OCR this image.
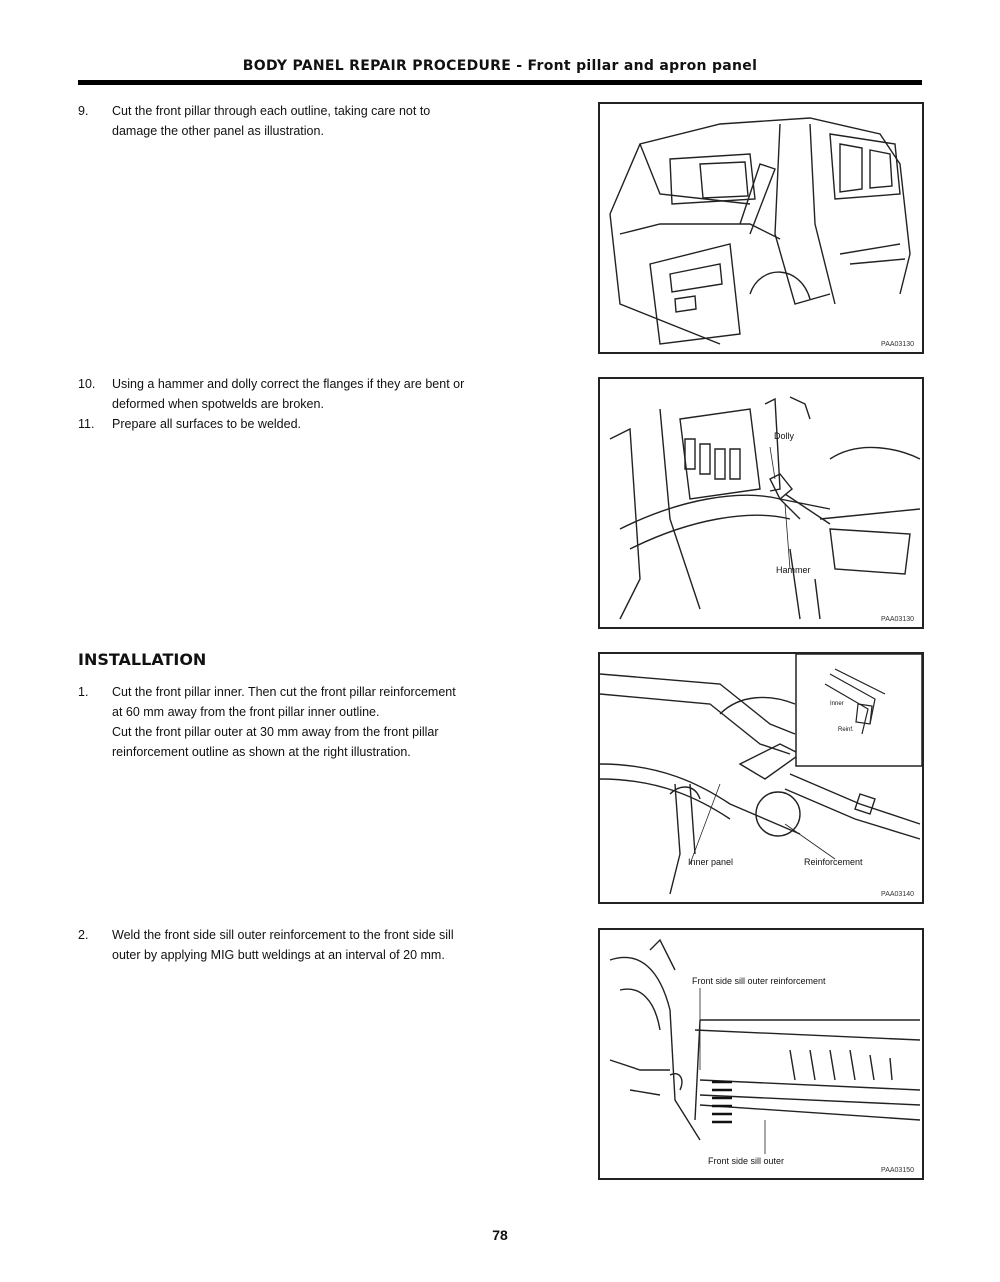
BODY PANEL REPAIR PROCEDURE - Front pillar and apron panel
9. Cut the front pillar through each outline, taking care not to
damage the other panel as illustration.
10. Using a hammer and dolly correct the flanges if they are bent or
deformed when spotwelds are broken.
11. Prepare all surfaces to be welded.
INSTALLATION
1. Cut the front pillar inner. Then cut the front pillar reinforcement
at 60 mm away from the front pillar inner outline.
Cut the front pillar outer at 30 mm away from the front pillar
reinforcement outline as shown at the right illustration.
2. Weld the front side sill outer reinforcement to the front side sill
outer by applying MIG butt weldings at an interval of 20 mm.
PAA03130
Dolly
Hammer
PAA03130
Inner
Reinf.
Inner panel	Reinforcement
PAA03140
Front side sill outer reinforcement
Front side sill outer
PAA03150
78
